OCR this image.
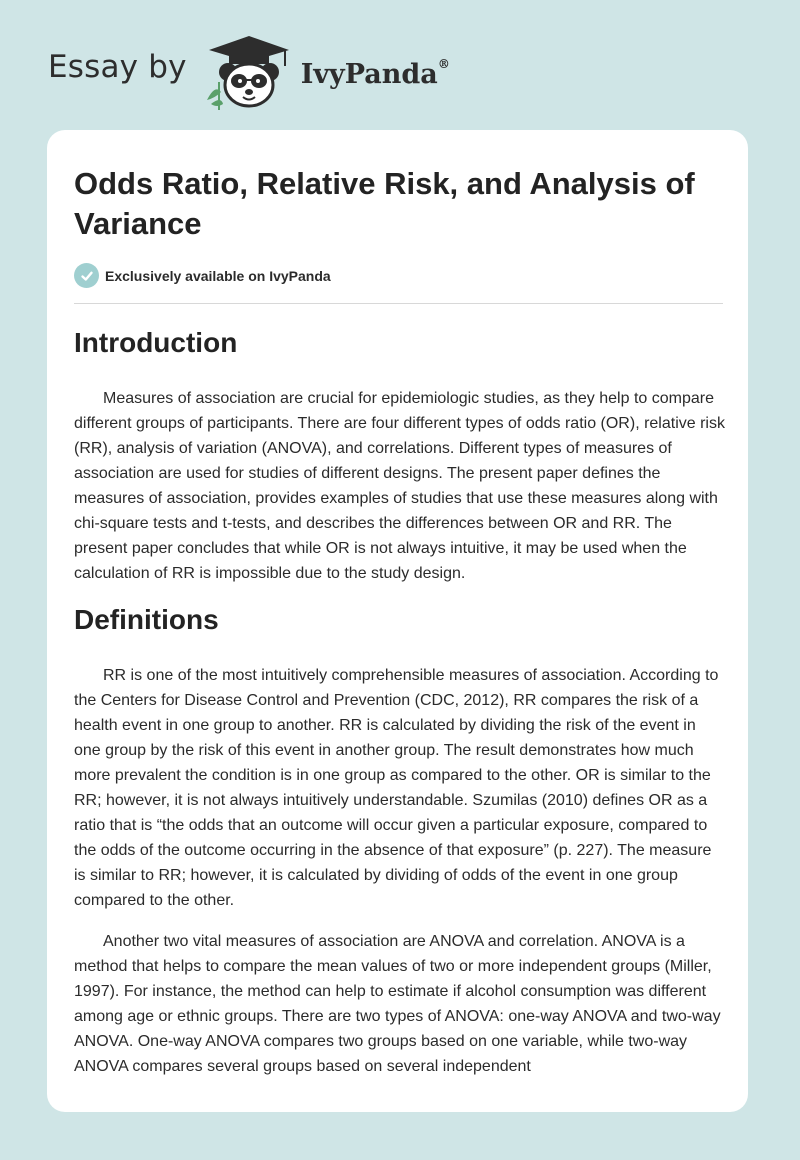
Essay by	IvyPanda®
Odds Ratio, Relative Risk, and Analysis of Variance
Exclusively available on IvyPanda
Introduction

Measures of association are crucial for epidemiologic studies, as they help to compare different groups of participants. There are four different types of odds ratio (OR), relative risk (RR), analysis of variation (ANOVA), and correlations. Different types of measures of association are used for studies of different designs. The present paper defines the measures of association, provides examples of studies that use these measures along with chi-square tests and t-tests, and describes the differences between OR and RR. The present paper concludes that while OR is not always intuitive, it may be used when the calculation of RR is impossible due to the study design.

Definitions

RR is one of the most intuitively comprehensible measures of association. According to the Centers for Disease Control and Prevention (CDC, 2012), RR compares the risk of a health event in one group to another. RR is calculated by dividing the risk of the event in one group by the risk of this event in another group. The result demonstrates how much more prevalent the condition is in one group as compared to the other. OR is similar to the RR; however, it is not always intuitively understandable. Szumilas (2010) defines OR as a ratio that is “the odds that an outcome will occur given a particular exposure, compared to the odds of the outcome occurring in the absence of that exposure” (p. 227). The measure is similar to RR; however, it is calculated by dividing of odds of the event in one group compared to the other.

Another two vital measures of association are ANOVA and correlation. ANOVA is a method that helps to compare the mean values of two or more independent groups (Miller, 1997). For instance, the method can help to estimate if alcohol consumption was different among age or ethnic groups. There are two types of ANOVA: one-way ANOVA and two-way ANOVA. One-way ANOVA compares two groups based on one variable, while two-way ANOVA compares several groups based on several independent
